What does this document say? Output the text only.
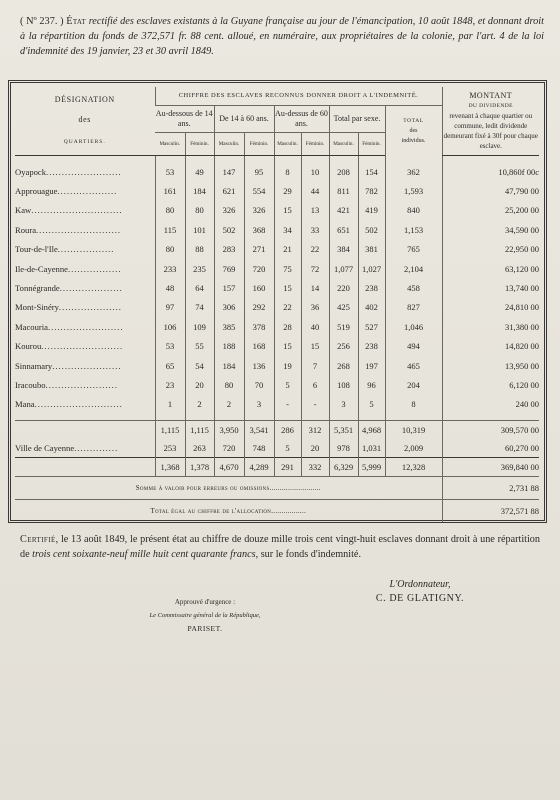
( Nº 237. ) État rectifié des esclaves existants à la Guyane française au jour de l'émancipation, 10 août 1848, et donnant droit à la répartition du fonds de 372,571 fr. 88 cent. alloué, en numéraire, aux propriétaires de la colonie, par l'art. 4 de la loi d'indemnité des 19 janvier, 23 et 30 avril 1849.
DÉSIGNATION
des
QUARTIERS.	CHIFFRE DES ESCLAVES RECONNUS DONNER DROIT A L'INDEMNITÉ.									MONTANT
DU DIVIDENDE
revenant à chaque quartier ou commune, ledit dividende demeurant fixé à 30f pour chaque esclave.
	Au-dessous de 14 ans.		De 14 à 60 ans.		Au-dessus de 60 ans.		Total par sexe.		TOTAL
des
individus.	
	Masculin.	Féminin.	Masculin.	Féminin.	Masculin.	Féminin.	Masculin.	Féminin.		

Oyapock........................	53	49	147	95	8	10	208	154	362	10,860f 00c
Approuague...................	161	184	621	554	29	44	811	782	1,593	47,790 00
Kaw.............................	80	80	326	326	15	13	421	419	840	25,200 00
Roura...........................	115	101	502	368	34	33	651	502	1,153	34,590 00
Tour-de-l'Ile..................	80	88	283	271	21	22	384	381	765	22,950 00
Ile-de-Cayenne.................	233	235	769	720	75	72	1,077	1,027	2,104	63,120 00
Tonnégrande....................	48	64	157	160	15	14	220	238	458	13,740 00
Mont-Sinéry....................	97	74	306	292	22	36	425	402	827	24,810 00
Macouria........................	106	109	385	378	28	40	519	527	1,046	31,380 00
Kourou..........................	53	55	188	168	15	15	256	238	494	14,820 00
Sinnamary......................	65	54	184	136	19	7	268	197	465	13,950 00
Iracoubo.......................	23	20	80	70	5	6	108	96	204	6,120 00
Mana............................	1	2	2	3	-	-	3	5	8	240 00

	1,115	1,115	3,950	3,541	286	312	5,351	4,968	10,319	309,570 00
Ville de Cayenne..............	253	263	720	748	5	20	978	1,031	2,009	60,270 00
	1,368	1,378	4,670	4,289	291	332	6,329	5,999	12,328	369,840 00
Somme à valoir pour erreurs ou omissions.........................										2,731 88
Total égal au chiffre de l'allocation.................										372,571 88
Certifié, le 13 août 1849, le présent état au chiffre de douze mille trois cent vingt-huit esclaves donnant droit à une répartition de trois cent soixante-neuf mille huit cent quarante francs, sur le fonds d'indemnité.
L'Ordonnateur,
C. DE GLATIGNY.
Approuvé d'urgence :
Le Commissaire général de la République,
PARISET.
